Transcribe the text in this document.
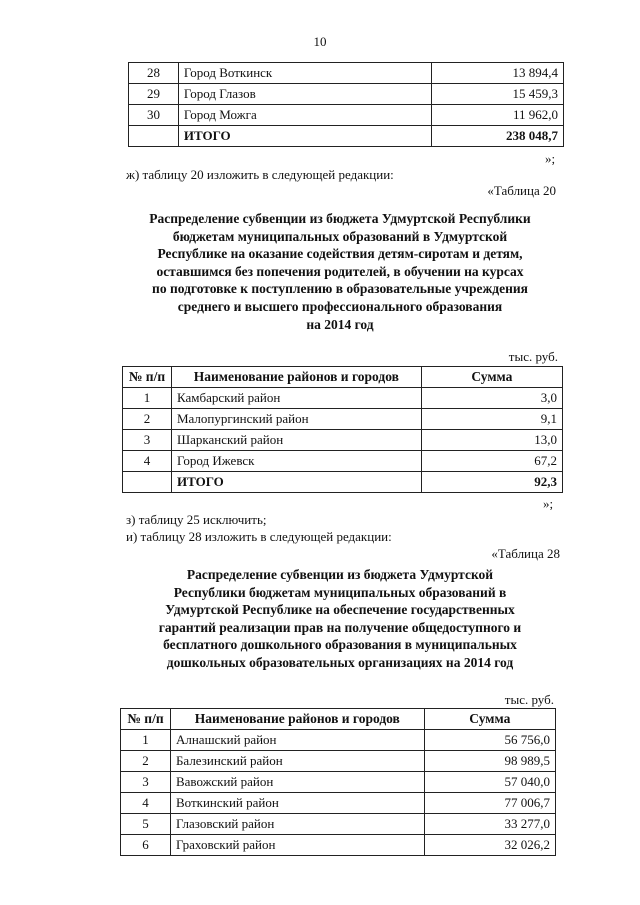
10
28	Город Воткинск	13 894,4
29	Город Глазов	15 459,3
30	Город Можга	11 962,0
	ИТОГО	238 048,7
»;
ж) таблицу 20 изложить в следующей редакции:
«Таблица 20
Распределение субвенции из бюджета Удмуртской Республики
бюджетам муниципальных образований в Удмуртской
Республике на оказание содействия детям-сиротам и детям,
оставшимся без попечения родителей, в обучении на курсах
по подготовке к поступлению в образовательные учреждения
среднего и высшего профессионального образования
на 2014 год
тыс. руб.
№ п/п	Наименование районов и городов	Сумма
1	Камбарский район	3,0
2	Малопургинский район	9,1
3	Шарканский район	13,0
4	Город Ижевск	67,2
	ИТОГО	92,3
»;
з) таблицу 25 исключить;
и) таблицу 28 изложить в следующей редакции:
«Таблица 28
Распределение субвенции из бюджета Удмуртской
Республики бюджетам муниципальных образований в
Удмуртской Республике на обеспечение государственных
гарантий реализации прав на получение общедоступного и
бесплатного дошкольного образования в муниципальных
дошкольных образовательных организациях на 2014 год
тыс. руб.
№ п/п	Наименование районов и городов	Сумма
1	Алнашский район	56 756,0
2	Балезинский район	98 989,5
3	Вавожский район	57 040,0
4	Воткинский район	77 006,7
5	Глазовский район	33 277,0
6	Граховский район	32 026,2
